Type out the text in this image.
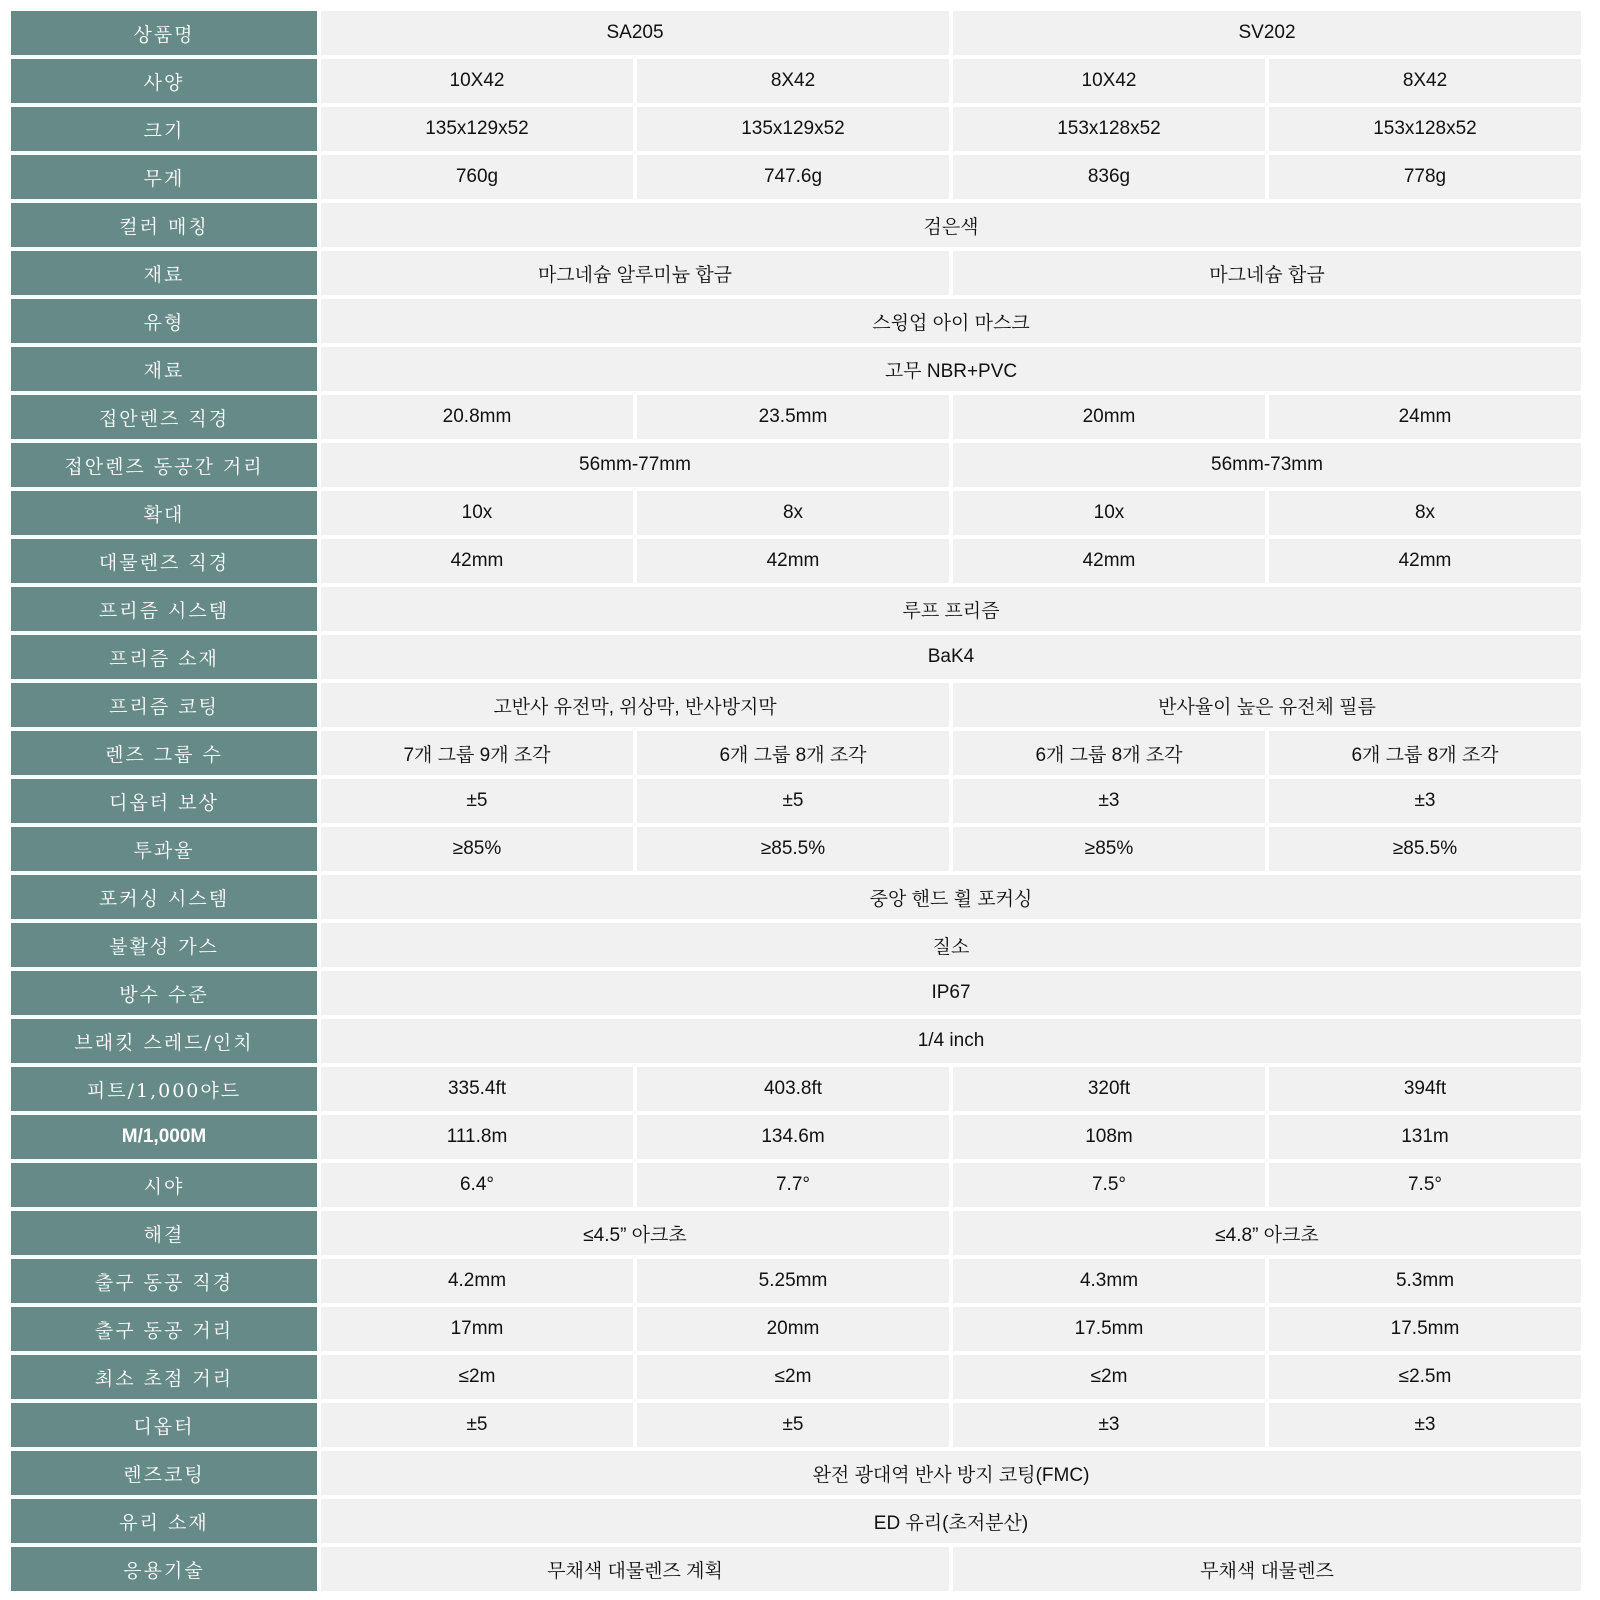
상품명	SA205		SV202	
사양	10X42	8X42	10X42	8X42
크기	135x129x52	135x129x52	153x128x52	153x128x52
무게	760g	747.6g	836g	778g
컬러 매칭	검은색			
재료	마그네슘 알루미늄 합금		마그네슘 합금	
유형	스윙업 아이 마스크			
재료	고무 NBR+PVC			
접안렌즈 직경	20.8mm	23.5mm	20mm	24mm
접안렌즈 동공간 거리	56mm-77mm		56mm-73mm	
확대	10x	8x	10x	8x
대물렌즈 직경	42mm	42mm	42mm	42mm
프리즘 시스템	루프 프리즘			
프리즘 소재	BaK4			
프리즘 코팅	고반사 유전막, 위상막, 반사방지막		반사율이 높은 유전체 필름	
렌즈 그룹 수	7개 그룹 9개 조각	6개 그룹 8개 조각	6개 그룹 8개 조각	6개 그룹 8개 조각
디옵터 보상	±5	±5	±3	±3
투과율	≥85%	≥85.5%	≥85%	≥85.5%
포커싱 시스템	중앙 핸드 휠 포커싱			
불활성 가스	질소			
방수 수준	IP67			
브래킷 스레드/인치	1/4 inch			
피트/1,000야드	335.4ft	403.8ft	320ft	394ft
M/1,000M	111.8m	134.6m	108m	131m
시야	6.4°	7.7°	7.5°	7.5°
해결	≤4.5” 아크초		≤4.8” 아크초	
출구 동공 직경	4.2mm	5.25mm	4.3mm	5.3mm
출구 동공 거리	17mm	20mm	17.5mm	17.5mm
최소 초점 거리	≤2m	≤2m	≤2m	≤2.5m
디옵터	±5	±5	±3	±3
렌즈코팅	완전 광대역 반사 방지 코팅(FMC)			
유리 소재	ED 유리(초저분산)			
응용기술	무채색 대물렌즈 계획		무채색 대물렌즈	
